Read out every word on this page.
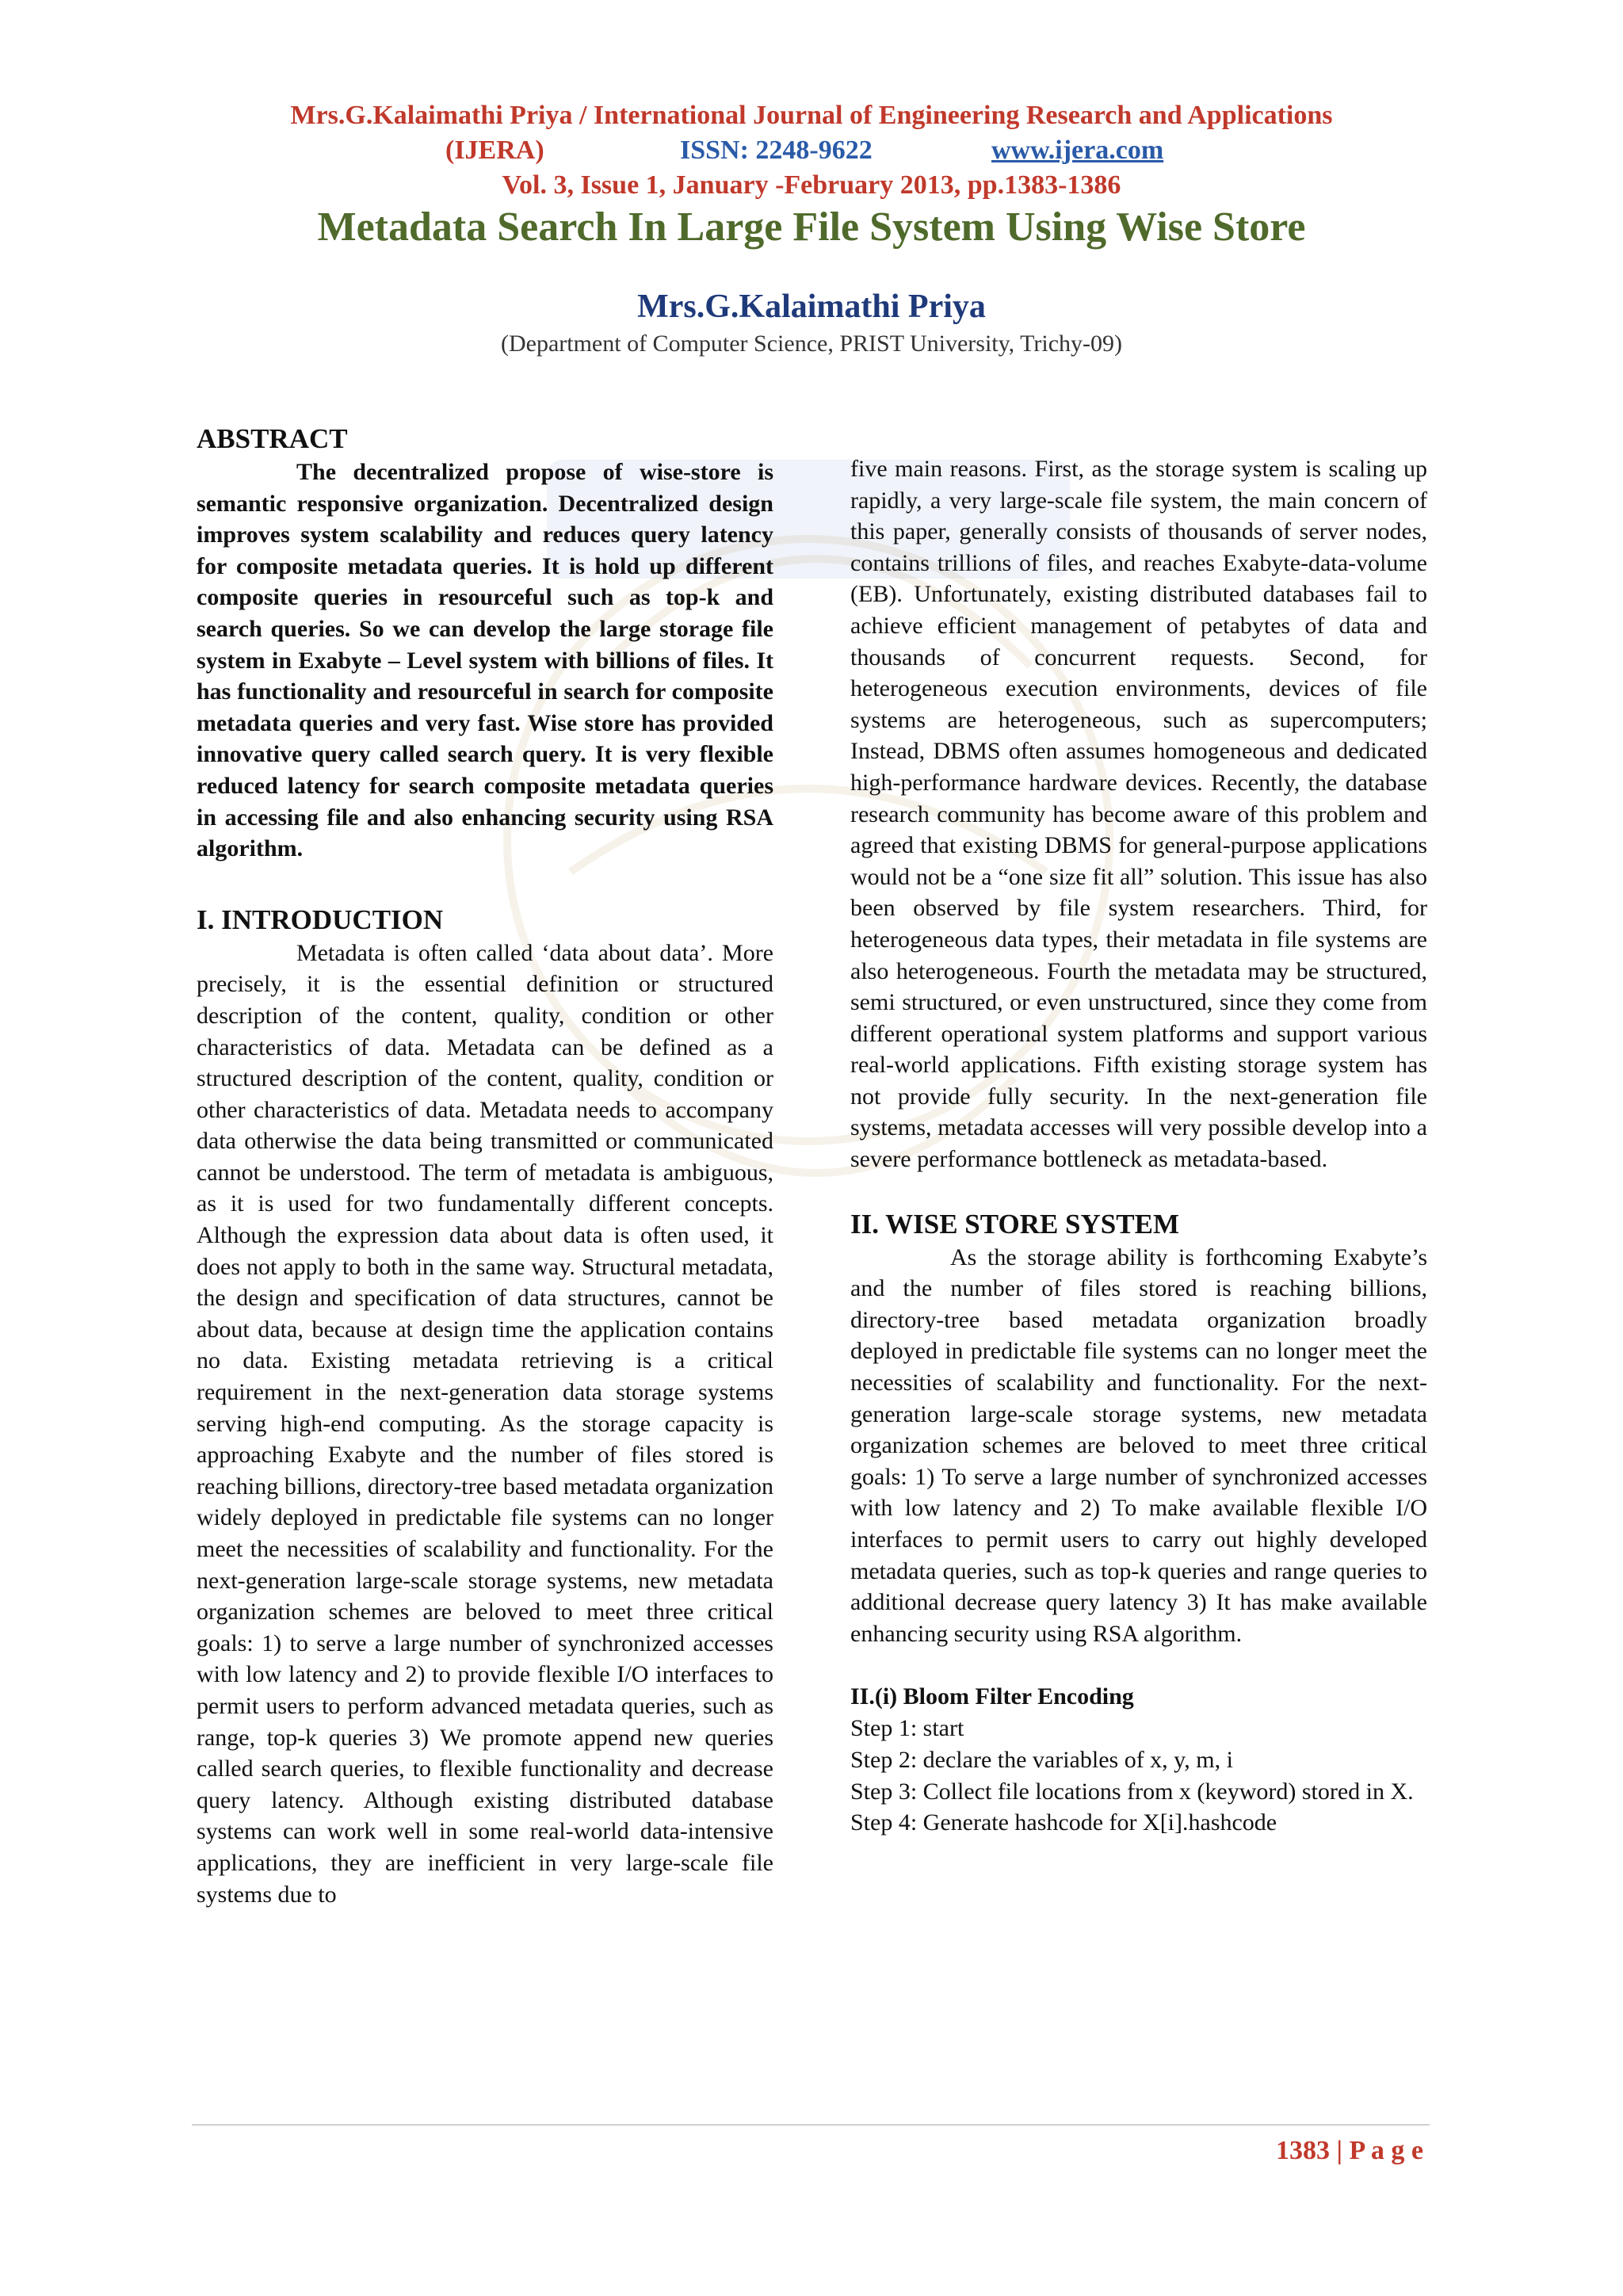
Mrs.G.Kalaimathi Priya / International Journal of Engineering Research and Applications
(IJERA)	ISSN: 2248-9622	www.ijera.com
Vol. 3, Issue 1, January -February 2013, pp.1383-1386
Metadata Search In Large File System Using Wise Store
Mrs.G.Kalaimathi Priya
(Department of Computer Science, PRIST University, Trichy-09)
ABSTRACT

The decentralized propose of wise-store is semantic responsive organization. Decentralized design improves system scalability and reduces query latency for composite metadata queries. It is hold up different composite queries in resourceful such as top-k and search queries. So we can develop the large storage file system in Exabyte – Level system with billions of files. It has functionality and resourceful in search for composite metadata queries and very fast. Wise store has provided innovative query called search query. It is very flexible reduced latency for search composite metadata queries in accessing file and also enhancing security using RSA algorithm.

I. INTRODUCTION

Metadata is often called ‘data about data’. More precisely, it is the essential definition or structured description of the content, quality, condition or other characteristics of data. Metadata can be defined as a structured description of the content, quality, condition or other characteristics of data. Metadata needs to accompany data otherwise the data being transmitted or communicated cannot be understood. The term of metadata is ambiguous, as it is used for two fundamentally different concepts. Although the expression data about data is often used, it does not apply to both in the same way. Structural metadata, the design and specification of data structures, cannot be about data, because at design time the application contains no data. Existing metadata retrieving is a critical requirement in the next-generation data storage systems serving high-end computing. As the storage capacity is approaching Exabyte and the number of files stored is reaching billions, directory-tree based metadata organization widely deployed in predictable file systems can no longer meet the necessities of scalability and functionality. For the next-generation large-scale storage systems, new metadata organization schemes are beloved to meet three critical goals: 1) to serve a large number of synchronized accesses with low latency and 2) to provide flexible I/O interfaces to permit users to perform advanced metadata queries, such as range, top-k queries 3) We promote append new queries called search queries, to flexible functionality and decrease query latency. Although existing distributed database systems can work well in some real-world data-intensive applications, they are inefficient in very large-scale file systems due to

five main reasons. First, as the storage system is scaling up rapidly, a very large-scale file system, the main concern of this paper, generally consists of thousands of server nodes, contains trillions of files, and reaches Exabyte-data-volume (EB). Unfortunately, existing distributed databases fail to achieve efficient management of petabytes of data and thousands of concurrent requests. Second, for heterogeneous execution environments, devices of file systems are heterogeneous, such as supercomputers; Instead, DBMS often assumes homogeneous and dedicated high-performance hardware devices. Recently, the database research community has become aware of this problem and agreed that existing DBMS for general-purpose applications would not be a “one size fit all” solution. This issue has also been observed by file system researchers. Third, for heterogeneous data types, their metadata in file systems are also heterogeneous. Fourth the metadata may be structured, semi structured, or even unstructured, since they come from different operational system platforms and support various real-world applications. Fifth existing storage system has not provide fully security. In the next-generation file systems, metadata accesses will very possible develop into a severe performance bottleneck as metadata-based.

II. WISE STORE SYSTEM

As the storage ability is forthcoming Exabyte’s and the number of files stored is reaching billions, directory-tree based metadata organization broadly deployed in predictable file systems can no longer meet the necessities of scalability and functionality. For the next-generation large-scale storage systems, new metadata organization schemes are beloved to meet three critical goals: 1) To serve a large number of synchronized accesses with low latency and 2) To make available flexible I/O interfaces to permit users to carry out highly developed metadata queries, such as top-k queries and range queries to additional decrease query latency 3) It has make available enhancing security using RSA algorithm.

II.(i) Bloom Filter Encoding

Step 1: start

Step 2: declare the variables of x, y, m, i

Step 3: Collect file locations from x (keyword) stored in X.

Step 4: Generate hashcode for X[i].hashcode

1383 | P a g e
